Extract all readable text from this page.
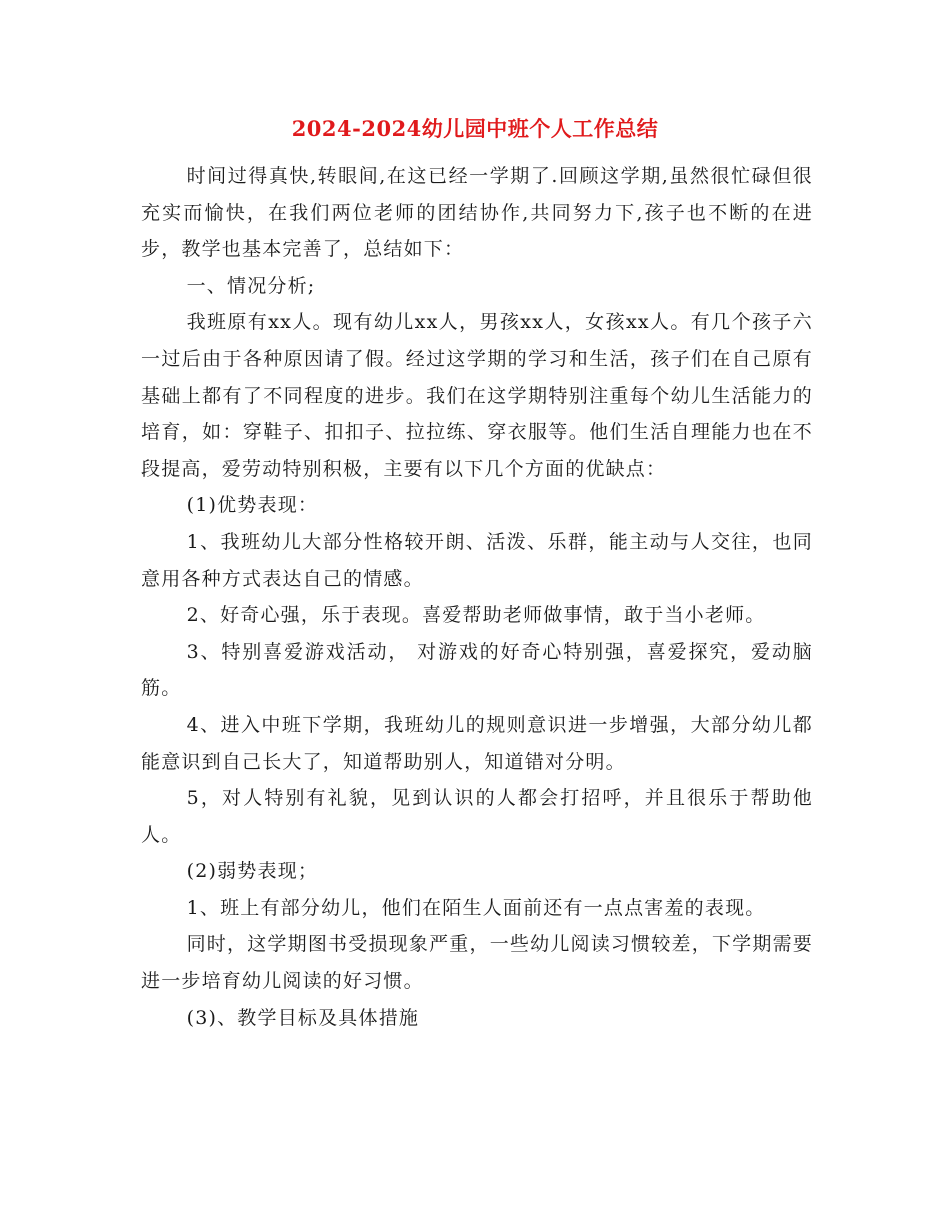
2024-2024幼儿园中班个人工作总结

时间过得真快,转眼间,在这已经一学期了.回顾这学期,虽然很忙碌但很充实而愉快，在我们两位老师的团结协作,共同努力下,孩子也不断的在进步，教学也基本完善了，总结如下：

一、情况分析;

我班原有xx人。现有幼儿xx人，男孩xx人，女孩xx人。有几个孩子六一过后由于各种原因请了假。经过这学期的学习和生活，孩子们在自己原有基础上都有了不同程度的进步。我们在这学期特别注重每个幼儿生活能力的培育，如：穿鞋子、扣扣子、拉拉练、穿衣服等。他们生活自理能力也在不段提高，爱劳动特别积极，主要有以下几个方面的优缺点：

(1)优势表现：

1、我班幼儿大部分性格较开朗、活泼、乐群，能主动与人交往，也同意用各种方式表达自己的情感。

2、好奇心强，乐于表现。喜爱帮助老师做事情，敢于当小老师。

3、特别喜爱游戏活动， 对游戏的好奇心特别强，喜爱探究，爱动脑筋。

4、进入中班下学期，我班幼儿的规则意识进一步增强，大部分幼儿都能意识到自己长大了，知道帮助别人，知道错对分明。

5，对人特别有礼貌，见到认识的人都会打招呼，并且很乐于帮助他人。

(2)弱势表现；

1、班上有部分幼儿，他们在陌生人面前还有一点点害羞的表现。

同时，这学期图书受损现象严重，一些幼儿阅读习惯较差，下学期需要进一步培育幼儿阅读的好习惯。

(3)、教学目标及具体措施
